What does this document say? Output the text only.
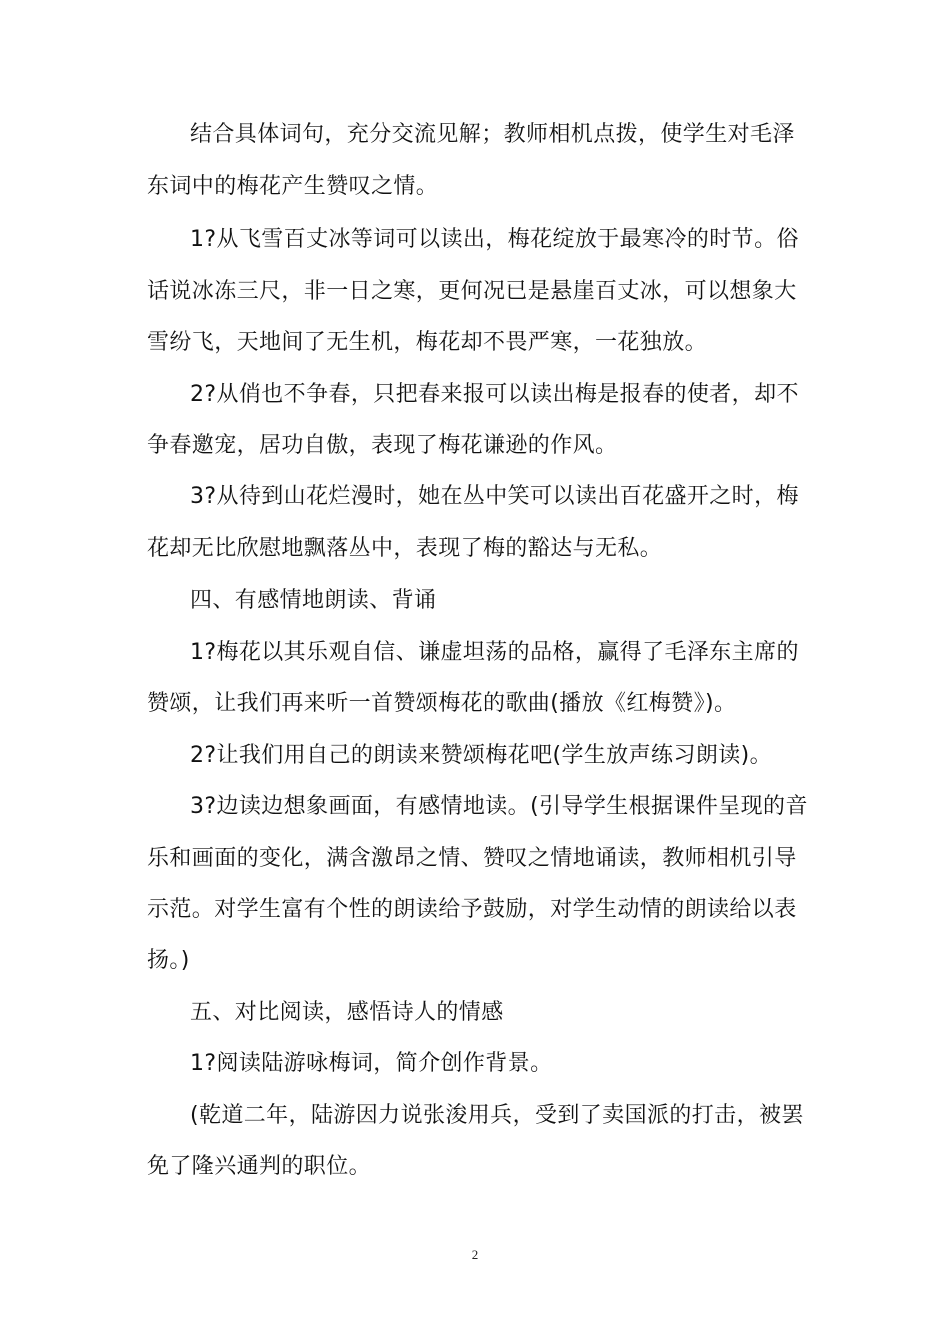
结合具体词句，充分交流见解；教师相机点拨，使学生对毛泽
东词中的梅花产生赞叹之情。
1?从飞雪百丈冰等词可以读出，梅花绽放于最寒冷的时节。俗
话说冰冻三尺，非一日之寒，更何况已是悬崖百丈冰，可以想象大
雪纷飞，天地间了无生机，梅花却不畏严寒，一花独放。
2?从俏也不争春，只把春来报可以读出梅是报春的使者，却不
争春邀宠，居功自傲，表现了梅花谦逊的作风。
3?从待到山花烂漫时，她在丛中笑可以读出百花盛开之时，梅
花却无比欣慰地飘落丛中，表现了梅的豁达与无私。
四、有感情地朗读、背诵
1?梅花以其乐观自信、谦虚坦荡的品格，赢得了毛泽东主席的
赞颂，让我们再来听一首赞颂梅花的歌曲(播放《红梅赞》)。
2?让我们用自己的朗读来赞颂梅花吧(学生放声练习朗读)。
3?边读边想象画面，有感情地读。(引导学生根据课件呈现的音
乐和画面的变化，满含激昂之情、赞叹之情地诵读，教师相机引导
示范。对学生富有个性的朗读给予鼓励，对学生动情的朗读给以表
扬。)
五、对比阅读，感悟诗人的情感
1?阅读陆游咏梅词，简介创作背景。
(乾道二年，陆游因力说张浚用兵，受到了卖国派的打击，被罢
免了隆兴通判的职位。
2
